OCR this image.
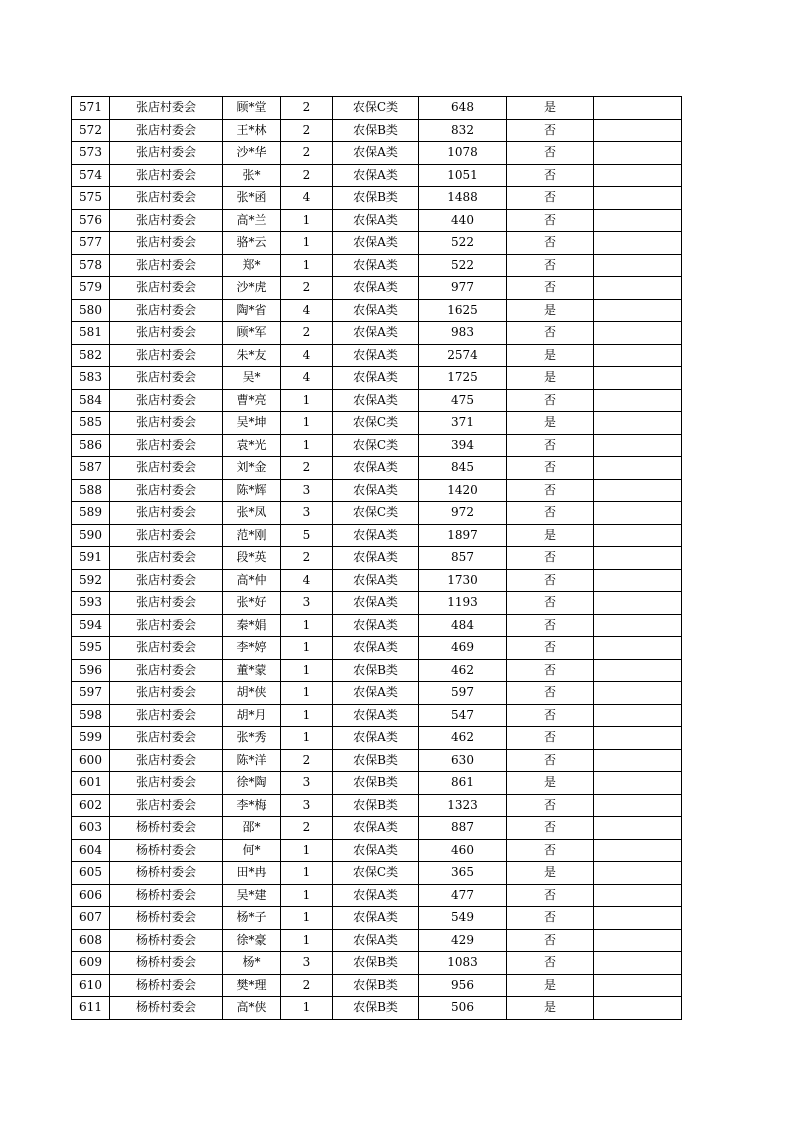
571	张店村委会	顾*堂	2	农保C类	648	是	
572	张店村委会	王*林	2	农保B类	832	否	
573	张店村委会	沙*华	2	农保A类	1078	否	
574	张店村委会	张*	2	农保A类	1051	否	
575	张店村委会	张*函	4	农保B类	1488	否	
576	张店村委会	高*兰	1	农保A类	440	否	
577	张店村委会	骆*云	1	农保A类	522	否	
578	张店村委会	郑*	1	农保A类	522	否	
579	张店村委会	沙*虎	2	农保A类	977	否	
580	张店村委会	陶*省	4	农保A类	1625	是	
581	张店村委会	顾*军	2	农保A类	983	否	
582	张店村委会	朱*友	4	农保A类	2574	是	
583	张店村委会	吴*	4	农保A类	1725	是	
584	张店村委会	曹*亮	1	农保A类	475	否	
585	张店村委会	吴*坤	1	农保C类	371	是	
586	张店村委会	袁*光	1	农保C类	394	否	
587	张店村委会	刘*金	2	农保A类	845	否	
588	张店村委会	陈*辉	3	农保A类	1420	否	
589	张店村委会	张*凤	3	农保C类	972	否	
590	张店村委会	范*刚	5	农保A类	1897	是	
591	张店村委会	段*英	2	农保A类	857	否	
592	张店村委会	高*仲	4	农保A类	1730	否	
593	张店村委会	张*好	3	农保A类	1193	否	
594	张店村委会	秦*娟	1	农保A类	484	否	
595	张店村委会	李*婷	1	农保A类	469	否	
596	张店村委会	董*蒙	1	农保B类	462	否	
597	张店村委会	胡*侠	1	农保A类	597	否	
598	张店村委会	胡*月	1	农保A类	547	否	
599	张店村委会	张*秀	1	农保A类	462	否	
600	张店村委会	陈*洋	2	农保B类	630	否	
601	张店村委会	徐*陶	3	农保B类	861	是	
602	张店村委会	李*梅	3	农保B类	1323	否	
603	杨桥村委会	邵*	2	农保A类	887	否	
604	杨桥村委会	何*	1	农保A类	460	否	
605	杨桥村委会	田*冉	1	农保C类	365	是	
606	杨桥村委会	吴*建	1	农保A类	477	否	
607	杨桥村委会	杨*子	1	农保A类	549	否	
608	杨桥村委会	徐*豪	1	农保A类	429	否	
609	杨桥村委会	杨*	3	农保B类	1083	否	
610	杨桥村委会	樊*理	2	农保B类	956	是	
611	杨桥村委会	高*侠	1	农保B类	506	是	
